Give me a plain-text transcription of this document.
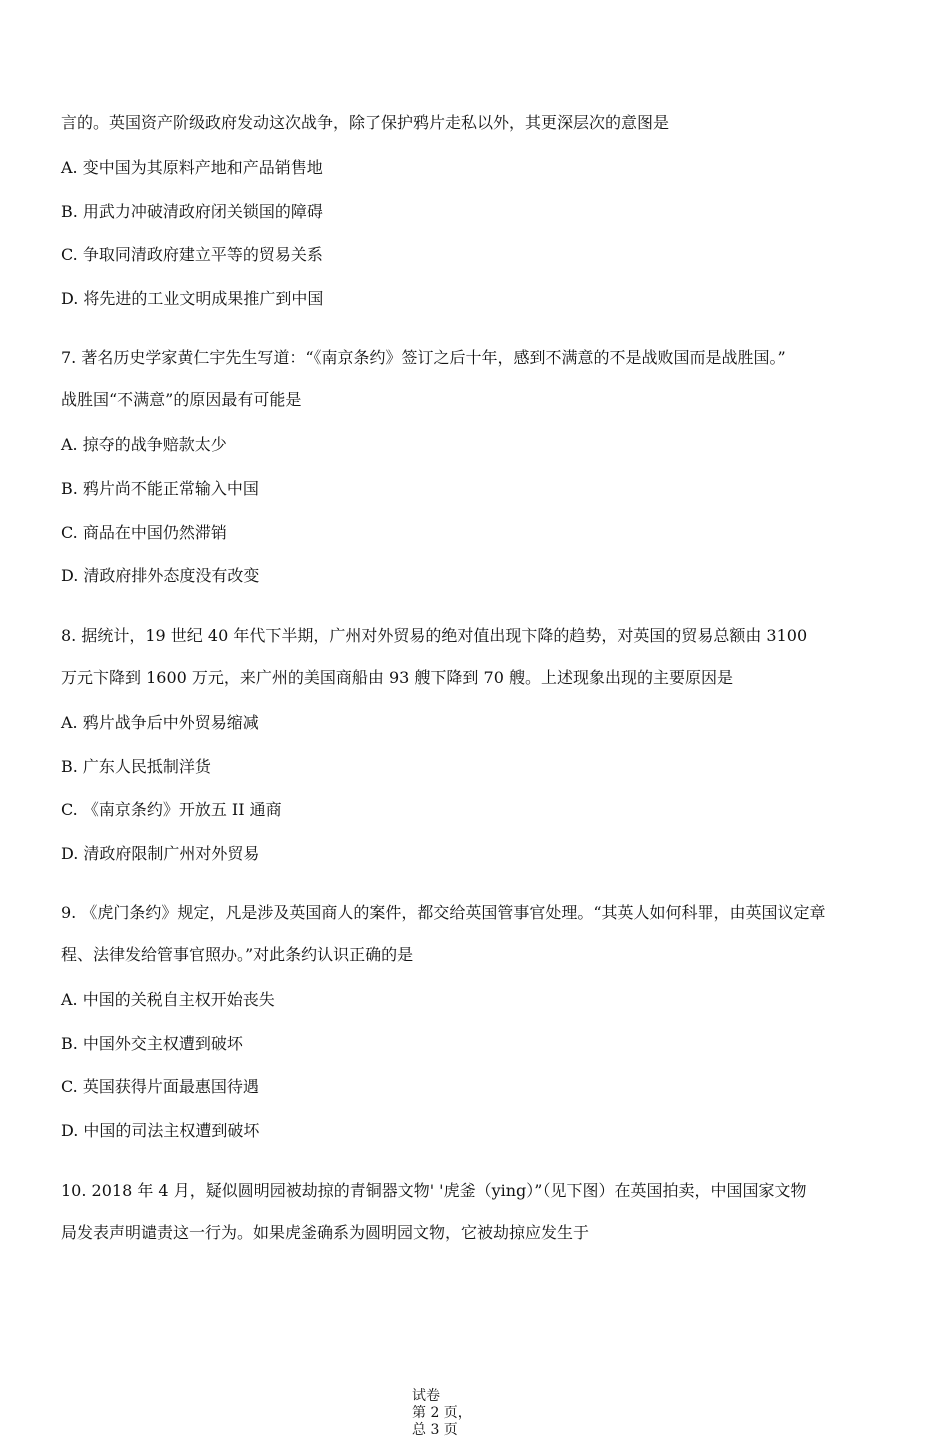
言的。英国资产阶级政府发动这次战争，除了保护鸦片走私以外，其更深层次的意图是

A. 变中国为其原料产地和产品销售地

B. 用武力冲破清政府闭关锁国的障碍

C. 争取同清政府建立平等的贸易关系

D. 将先进的工业文明成果推广到中国

7. 著名历史学家黄仁宇先生写道：“《南京条约》签订之后十年，感到不满意的不是战败国而是战胜国。”

战胜国“不满意”的原因最有可能是

A. 掠夺的战争赔款太少

B. 鸦片尚不能正常输入中国

C. 商品在中国仍然滞销

D. 清政府排外态度没有改变

8. 据统计，19 世纪 40 年代下半期，广州对外贸易的绝对值出现卞降的趋势，对英国的贸易总额由 3100

万元卞降到 1600 万元，来广州的美国商船由 93 艘下降到 70 艘。上述现象出现的主要原因是

A. 鸦片战争后中外贸易缩减

B. 广东人民抵制洋货

C. 《南京条约》开放五 II 通商

D. 清政府限制广州对外贸易

9. 《虎门条约》规定，凡是涉及英国商人的案件，都交给英国管事官处理。“其英人如何科罪，由英国议定章

程、法律发给管事官照办。”对此条约认识正确的是

A. 中国的关税自主权开始丧失

B. 中国外交主权遭到破坏

C. 英国获得片面最惠国待遇

D. 中国的司法主权遭到破坏

10. 2018 年 4 月，疑似圆明园被劫掠的青铜器文物' '虎釜（ying）”（见下图）在英国拍卖，中国国家文物

局发表声明谴责这一行为。如果虎釜确系为圆明园文物，它被劫掠应发生于

试卷
第 2 页，
总 3 页
